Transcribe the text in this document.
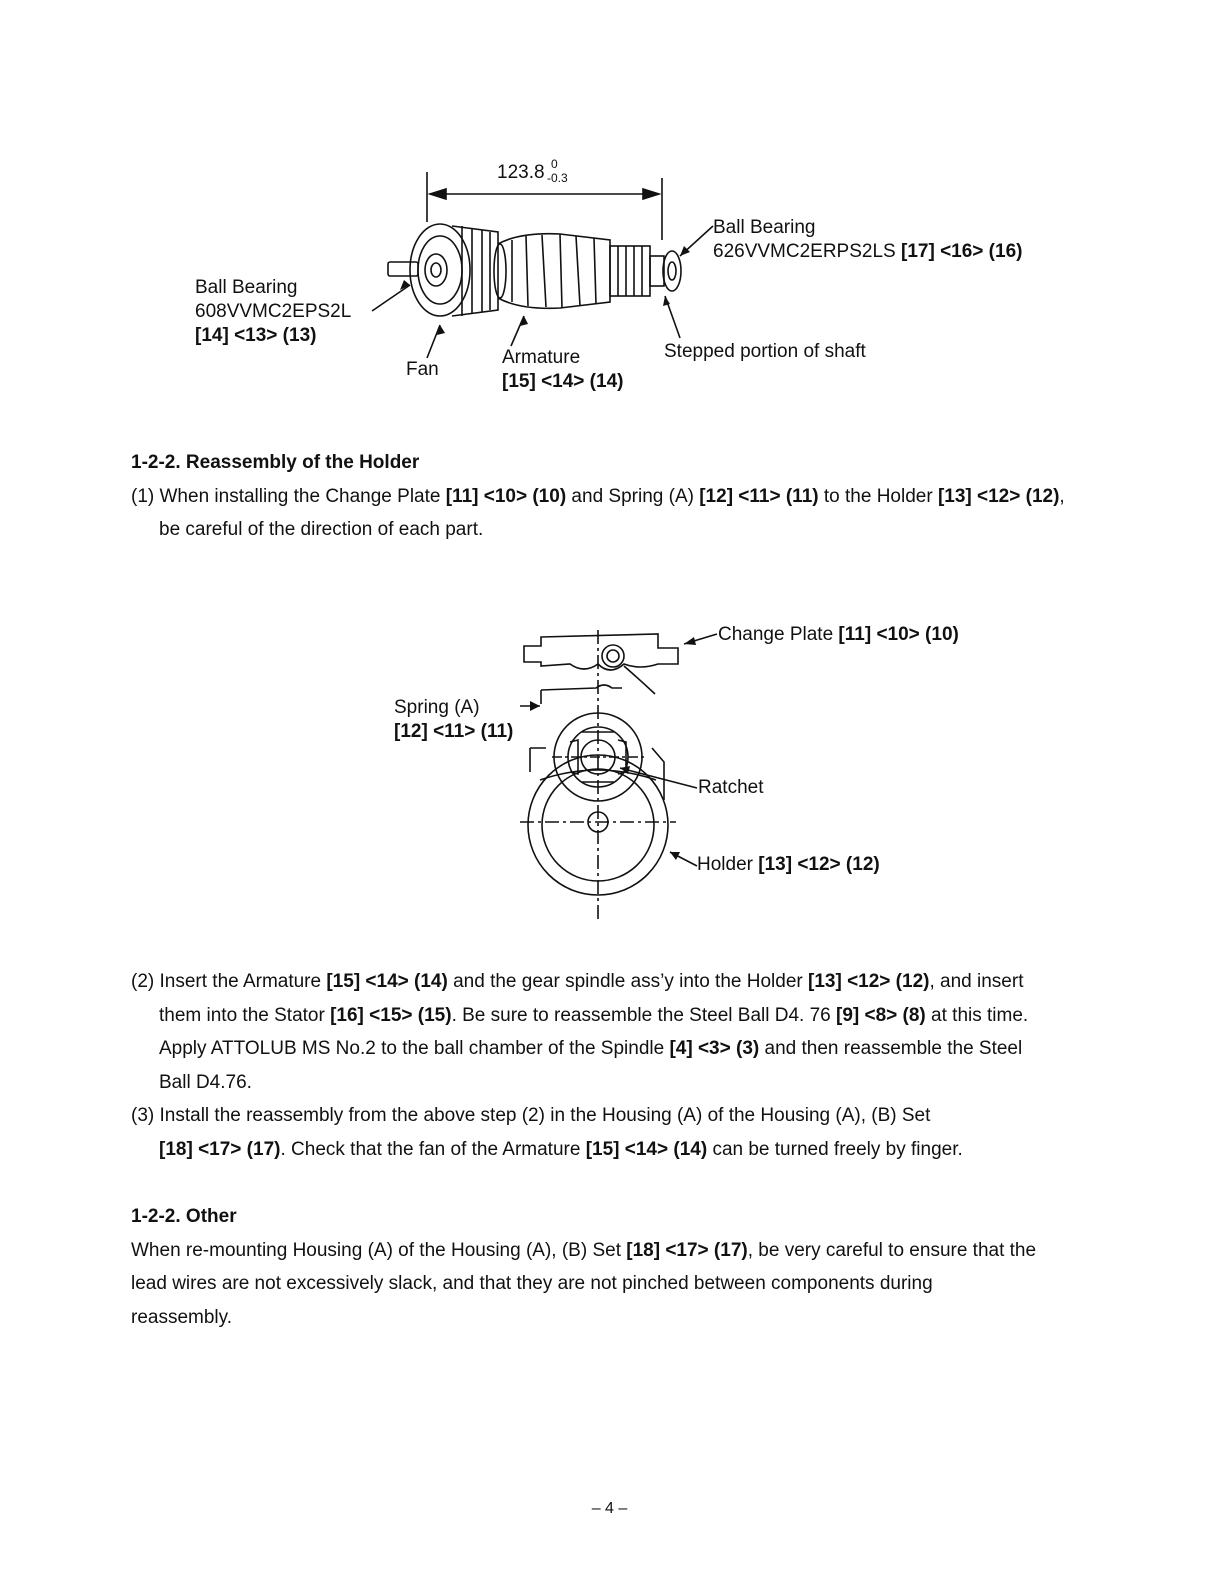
123.8 0
-0.3
Ball Bearing
608VVMC2EPS2L
[14] <13> (13)
Ball Bearing
626VVMC2ERPS2LS [17] <16> (16)
Fan
Armature
[15] <14> (14)
Stepped portion of shaft

1-2-2. Reassembly of the Holder

(1) When installing the Change Plate [11] <10> (10) and Spring (A) [12] <11> (11) to the Holder [13] <12> (12),

be careful of the direction of each part.

Change Plate [11] <10> (10)
Spring (A)
[12] <11> (11)
Ratchet
Holder [13] <12> (12)

(2) Insert the Armature [15] <14> (14) and the gear spindle ass’y into the Holder [13] <12> (12), and insert

them into the Stator [16] <15> (15). Be sure to reassemble the Steel Ball D4. 76 [9] <8> (8) at this time.

Apply ATTOLUB MS No.2 to the ball chamber of the Spindle [4] <3> (3) and then reassemble the Steel

Ball D4.76.

(3) Install the reassembly from the above step (2) in the Housing (A) of the Housing (A), (B) Set

[18] <17> (17). Check that the fan of the Armature [15] <14> (14) can be turned freely by finger.

1-2-2. Other

When re-mounting Housing (A) of the Housing (A), (B) Set [18] <17> (17), be very careful to ensure that the

lead wires are not excessively slack, and that they are not pinched between components during

reassembly.

– 4 –
